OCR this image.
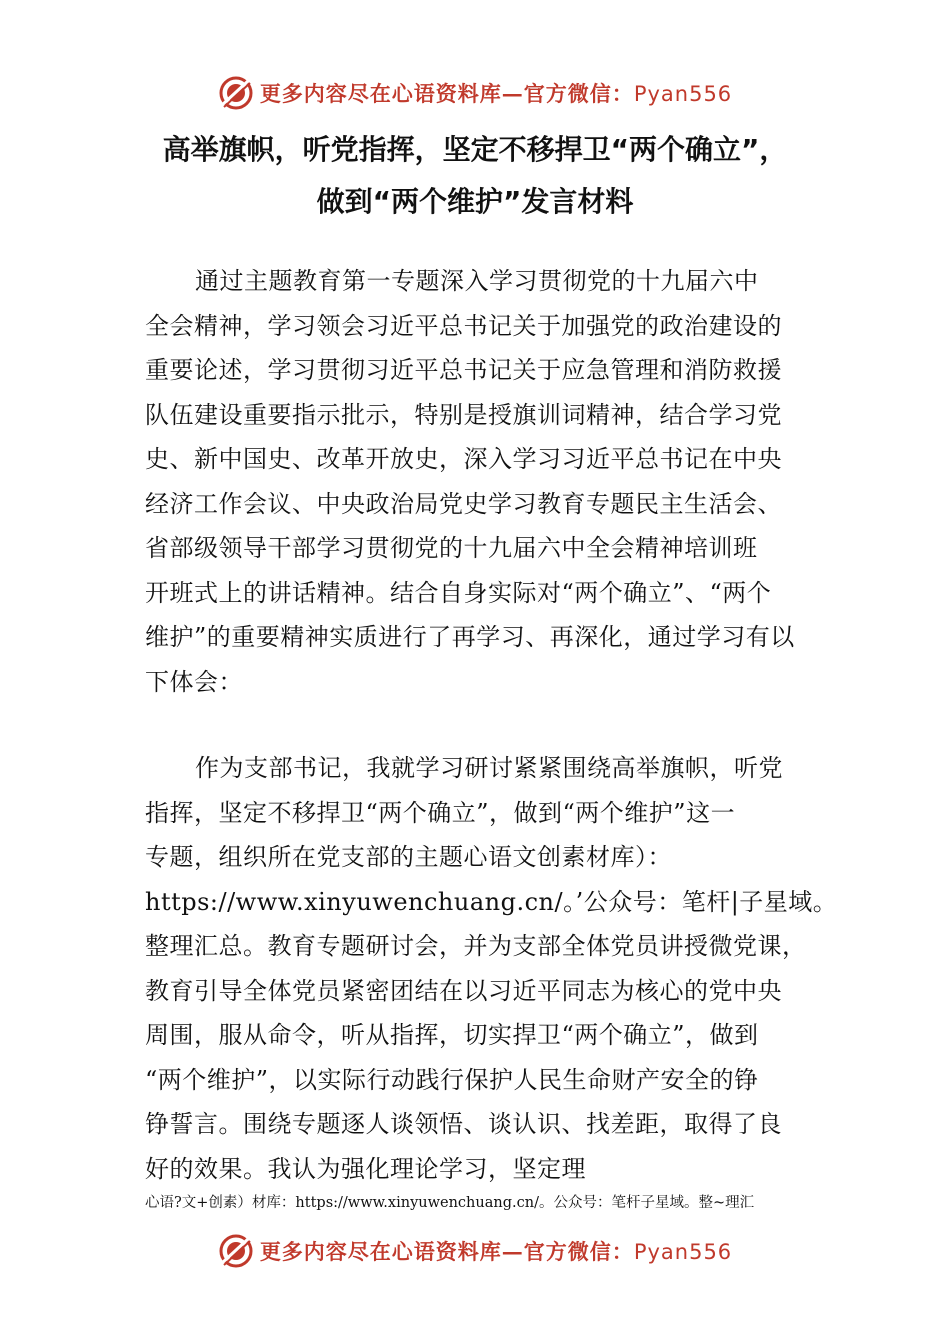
更多内容尽在心语资料库—官方微信：Pyan556
高举旗帜，听党指挥，坚定不移捍卫“两个确立”，
做到“两个维护”发言材料

通过主题教育第一专题深入学习贯彻党的十九届六中
全会精神，学习领会习近平总书记关于加强党的政治建设的
重要论述，学习贯彻习近平总书记关于应急管理和消防救援
队伍建设重要指示批示，特别是授旗训词精神，结合学习党
史、新中国史、改革开放史，深入学习习近平总书记在中央
经济工作会议、中央政治局党史学习教育专题民主生活会、
省部级领导干部学习贯彻党的十九届六中全会精神培训班
开班式上的讲话精神。结合自身实际对“两个确立”、“两个
维护”的重要精神实质进行了再学习、再深化，通过学习有以
下体会：

作为支部书记，我就学习研讨紧紧围绕高举旗帜，听党
指挥，坚定不移捍卫“两个确立”，做到“两个维护”这一
专题，组织所在党支部的主题心语文创素材库）：
https://www.xinyuwenchuang.cn/。’公众号：笔杆|子星域。
整理汇总。教育专题研讨会，并为支部全体党员讲授微党课，
教育引导全体党员紧密团结在以习近平同志为核心的党中央
周围，服从命令，听从指挥，切实捍卫“两个确立”，做到
“两个维护”，以实际行动践行保护人民生命财产安全的铮
铮誓言。围绕专题逐人谈领悟、谈认识、找差距，取得了良
好的效果。我认为强化理论学习，坚定理

心语?文+创素）材库：https://www.xinyuwenchuang.cn/。公众号：笔杆子星域。整~理汇
更多内容尽在心语资料库—官方微信：Pyan556
